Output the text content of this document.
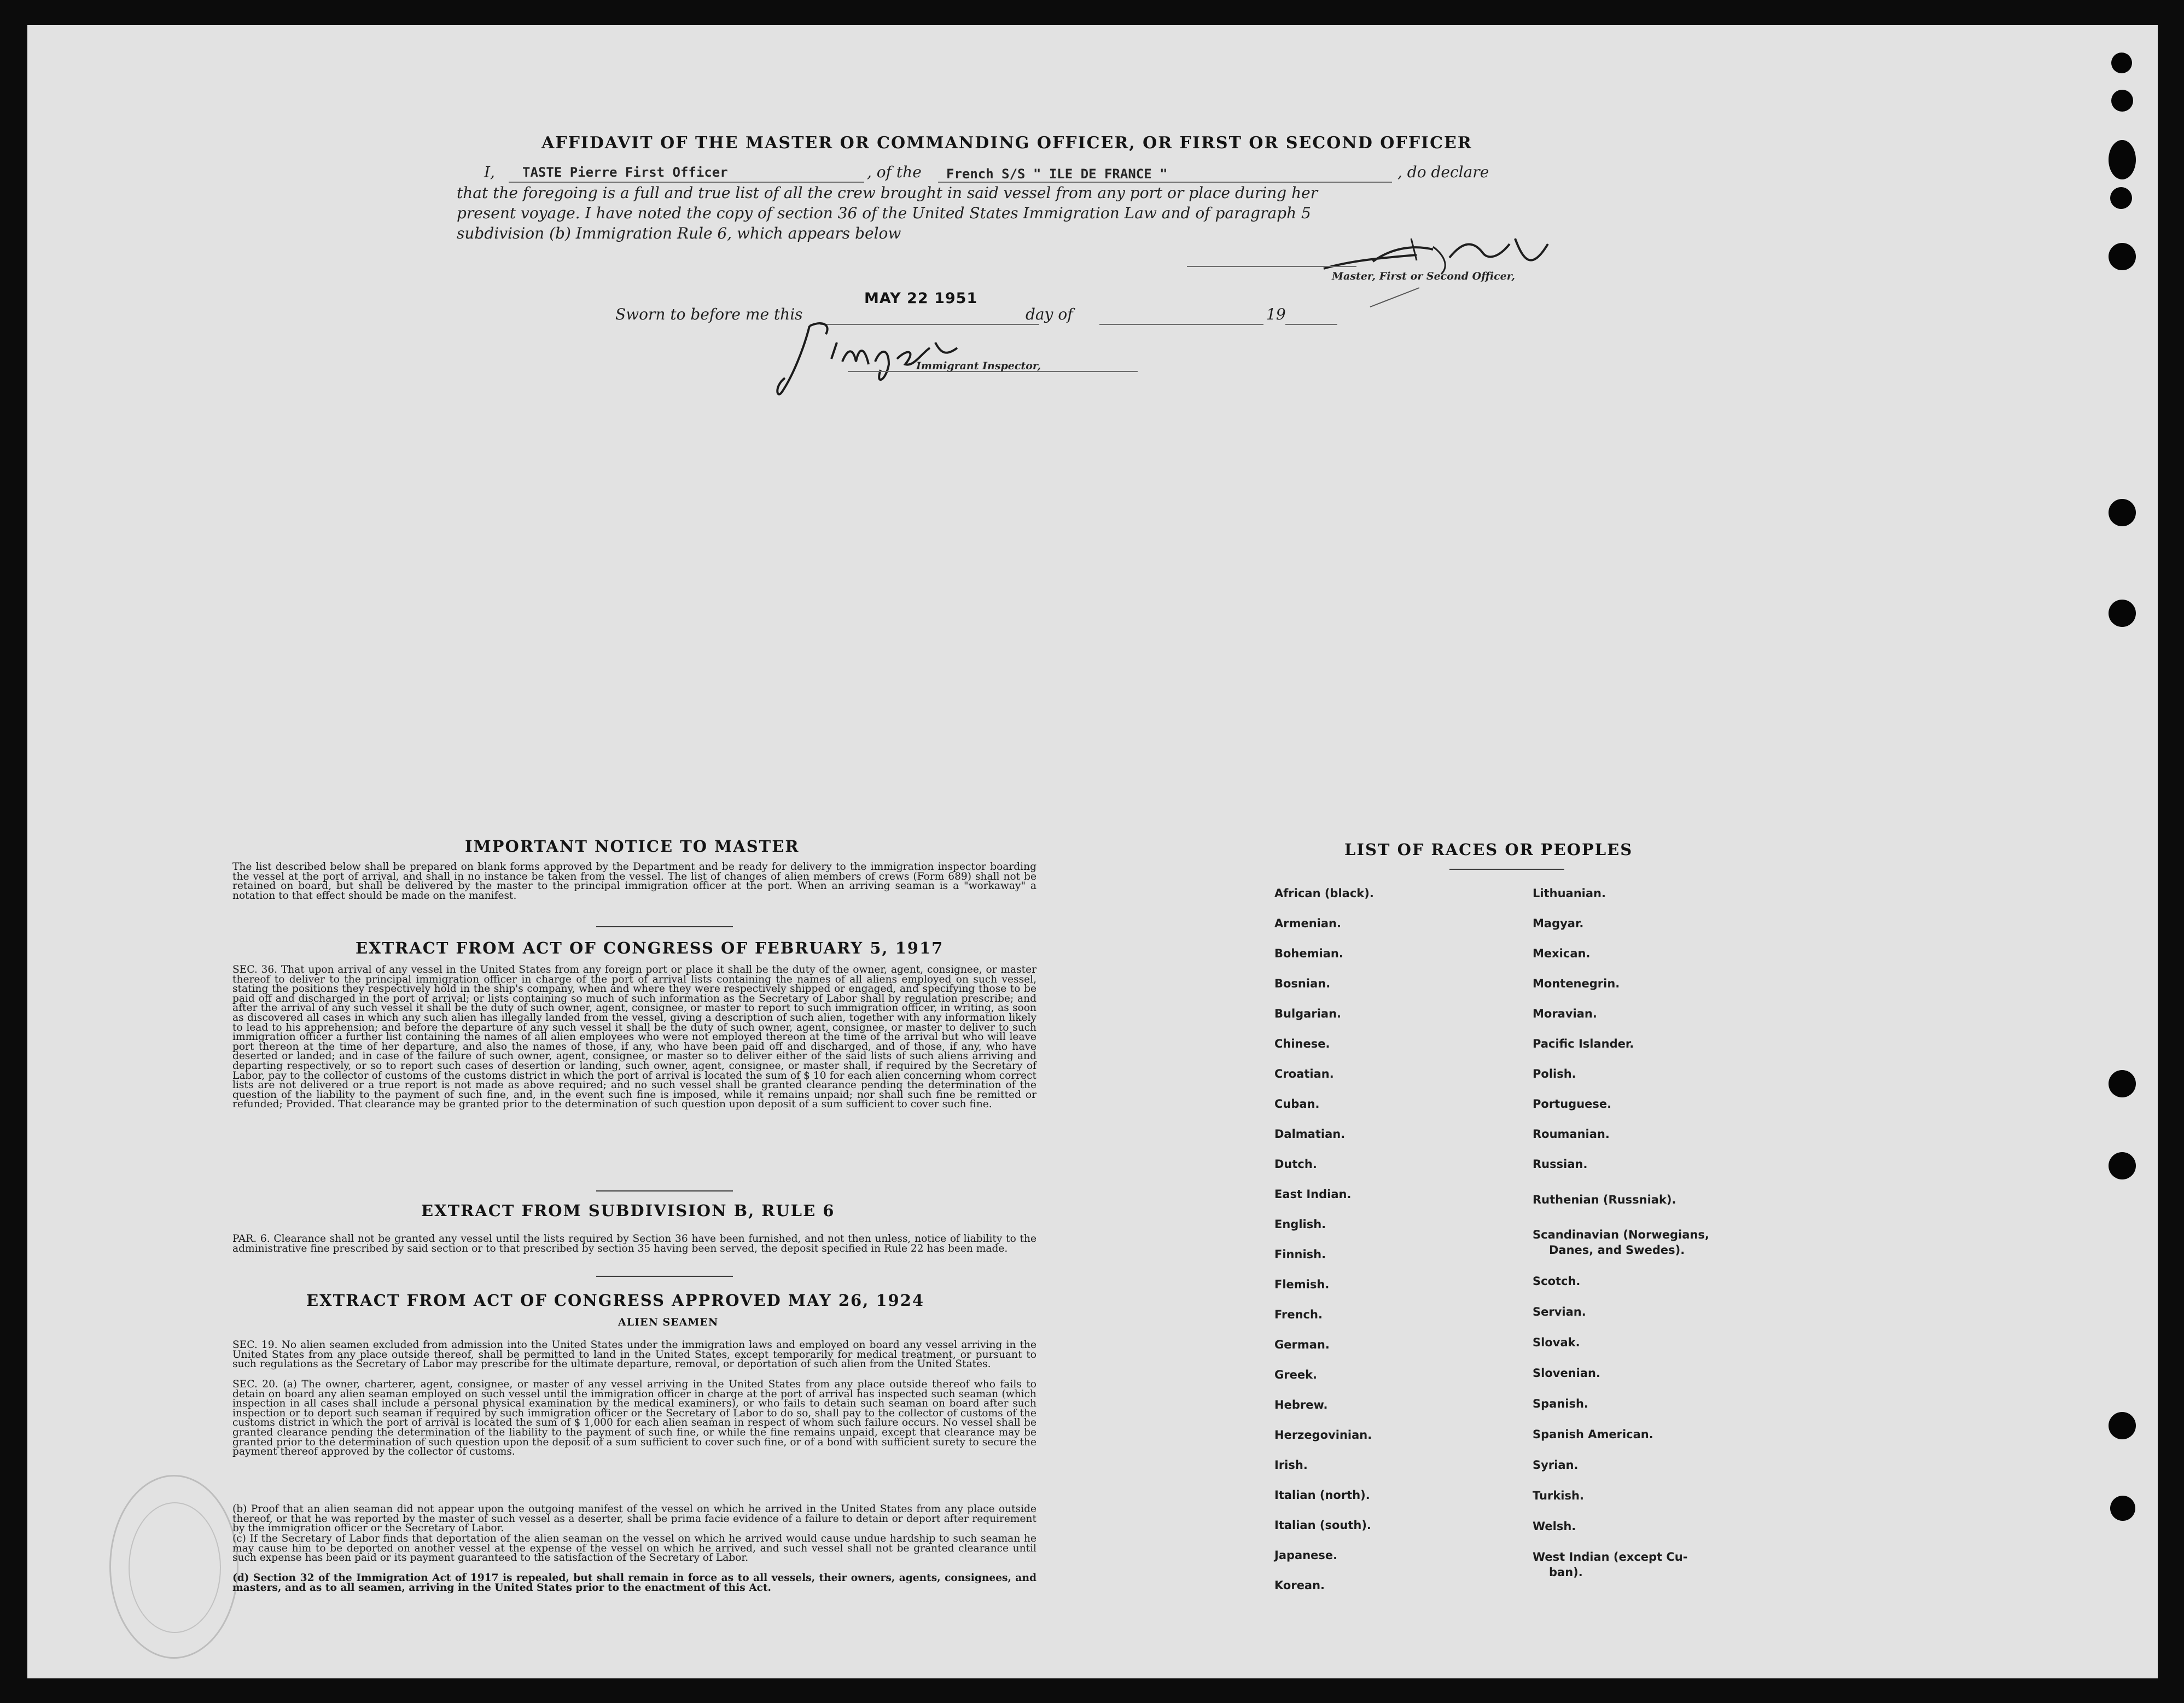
AFFIDAVIT OF THE MASTER OR COMMANDING OFFICER, OR FIRST OR SECOND OFFICER
I, TASTE Pierre First Officer	, of the French S/S " ILE DE FRANCE "	, do declare
that the foregoing is a full and true list of all the crew brought in said vessel from any port or place during her
present voyage. I have noted the copy of section 36 of the United States Immigration Law and of paragraph 5
subdivision (b) Immigration Rule 6, which appears below
Master, First or Second Officer,
MAY 22 1951
Sworn to before me this	day of	19
Immigrant Inspector,
IMPORTANT NOTICE TO MASTER

The list described below shall be prepared on blank forms approved by the Department and be ready for delivery to the immigration inspector boarding the vessel at the port of arrival, and shall in no instance be taken from the vessel. The list of changes of alien members of crews (Form 689) shall not be retained on board, but shall be delivered by the master to the principal immigration officer at the port. When an arriving seaman is a "workaway" a notation to that effect should be made on the manifest.

EXTRACT FROM ACT OF CONGRESS OF FEBRUARY 5, 1917

SEC. 36. That upon arrival of any vessel in the United States from any foreign port or place it shall be the duty of the owner, agent, consignee, or master thereof to deliver to the principal immigration officer in charge of the port of arrival lists containing the names of all aliens employed on such vessel, stating the positions they respectively hold in the ship's company, when and where they were respectively shipped or engaged, and specifying those to be paid off and discharged in the port of arrival; or lists containing so much of such information as the Secretary of Labor shall by regulation prescribe; and after the arrival of any such vessel it shall be the duty of such owner, agent, consignee, or master to report to such immigration officer, in writing, as soon as discovered all cases in which any such alien has illegally landed from the vessel, giving a description of such alien, together with any information likely to lead to his apprehension; and before the departure of any such vessel it shall be the duty of such owner, agent, consignee, or master to deliver to such immigration officer a further list containing the names of all alien employees who were not employed thereon at the time of the arrival but who will leave port thereon at the time of her departure, and also the names of those, if any, who have been paid off and discharged, and of those, if any, who have deserted or landed; and in case of the failure of such owner, agent, consignee, or master so to deliver either of the said lists of such aliens arriving and departing respectively, or so to report such cases of desertion or landing, such owner, agent, consignee, or master shall, if required by the Secretary of Labor, pay to the collector of customs of the customs district in which the port of arrival is located the sum of $ 10 for each alien concerning whom correct lists are not delivered or a true report is not made as above required; and no such vessel shall be granted clearance pending the determination of the question of the liability to the payment of such fine, and, in the event such fine is imposed, while it remains unpaid; nor shall such fine be remitted or refunded; Provided. That clearance may be granted prior to the determination of such question upon deposit of a sum sufficient to cover such fine.

EXTRACT FROM SUBDIVISION B, RULE 6

PAR. 6. Clearance shall not be granted any vessel until the lists required by Section 36 have been furnished, and not then unless, notice of liability to the administrative fine prescribed by said section or to that prescribed by section 35 having been served, the deposit specified in Rule 22 has been made.

EXTRACT FROM ACT OF CONGRESS APPROVED MAY 26, 1924
ALIEN SEAMEN

SEC. 19. No alien seamen excluded from admission into the United States under the immigration laws and employed on board any vessel arriving in the United States from any place outside thereof, shall be permitted to land in the United States, except temporarily for medical treatment, or pursuant to such regulations as the Secretary of Labor may prescribe for the ultimate departure, removal, or deportation of such alien from the United States.

SEC. 20. (a) The owner, charterer, agent, consignee, or master of any vessel arriving in the United States from any place outside thereof who fails to detain on board any alien seaman employed on such vessel until the immigration officer in charge at the port of arrival has inspected such seaman (which inspection in all cases shall include a personal physical examination by the medical examiners), or who fails to detain such seaman on board after such inspection or to deport such seaman if required by such immigration officer or the Secretary of Labor to do so, shall pay to the collector of customs of the customs district in which the port of arrival is located the sum of $ 1,000 for each alien seaman in respect of whom such failure occurs. No vessel shall be granted clearance pending the determination of the liability to the payment of such fine, or while the fine remains unpaid, except that clearance may be granted prior to the determination of such question upon the deposit of a sum sufficient to cover such fine, or of a bond with sufficient surety to secure the payment thereof approved by the collector of customs.

(b) Proof that an alien seaman did not appear upon the outgoing manifest of the vessel on which he arrived in the United States from any place outside thereof, or that he was reported by the master of such vessel as a deserter, shall be prima facie evidence of a failure to detain or deport after requirement by the immigration officer or the Secretary of Labor.

(c) If the Secretary of Labor finds that deportation of the alien seaman on the vessel on which he arrived would cause undue hardship to such seaman he may cause him to be deported on another vessel at the expense of the vessel on which he arrived, and such vessel shall not be granted clearance until such expense has been paid or its payment guaranteed to the satisfaction of the Secretary of Labor.

(d) Section 32 of the Immigration Act of 1917 is repealed, but shall remain in force as to all vessels, their owners, agents, consignees, and masters, and as to all seamen, arriving in the United States prior to the enactment of this Act.

LIST OF RACES OR PEOPLES
African (black).
Armenian.
Bohemian.
Bosnian.
Bulgarian.
Chinese.
Croatian.
Cuban.
Dalmatian.
Dutch.
East Indian.
English.
Finnish.
Flemish.
French.
German.
Greek.
Hebrew.
Herzegovinian.
Irish.
Italian (north).
Italian (south).
Japanese.
Korean.
Lithuanian.
Magyar.
Mexican.
Montenegrin.
Moravian.
Pacific Islander.
Polish.
Portuguese.
Roumanian.
Russian.
Ruthenian (Russniak).
Scandinavian (Norwegians,
Danes, and Swedes).
Scotch.
Servian.
Slovak.
Slovenian.
Spanish.
Spanish American.
Syrian.
Turkish.
Welsh.
West Indian (except Cu-
ban).
